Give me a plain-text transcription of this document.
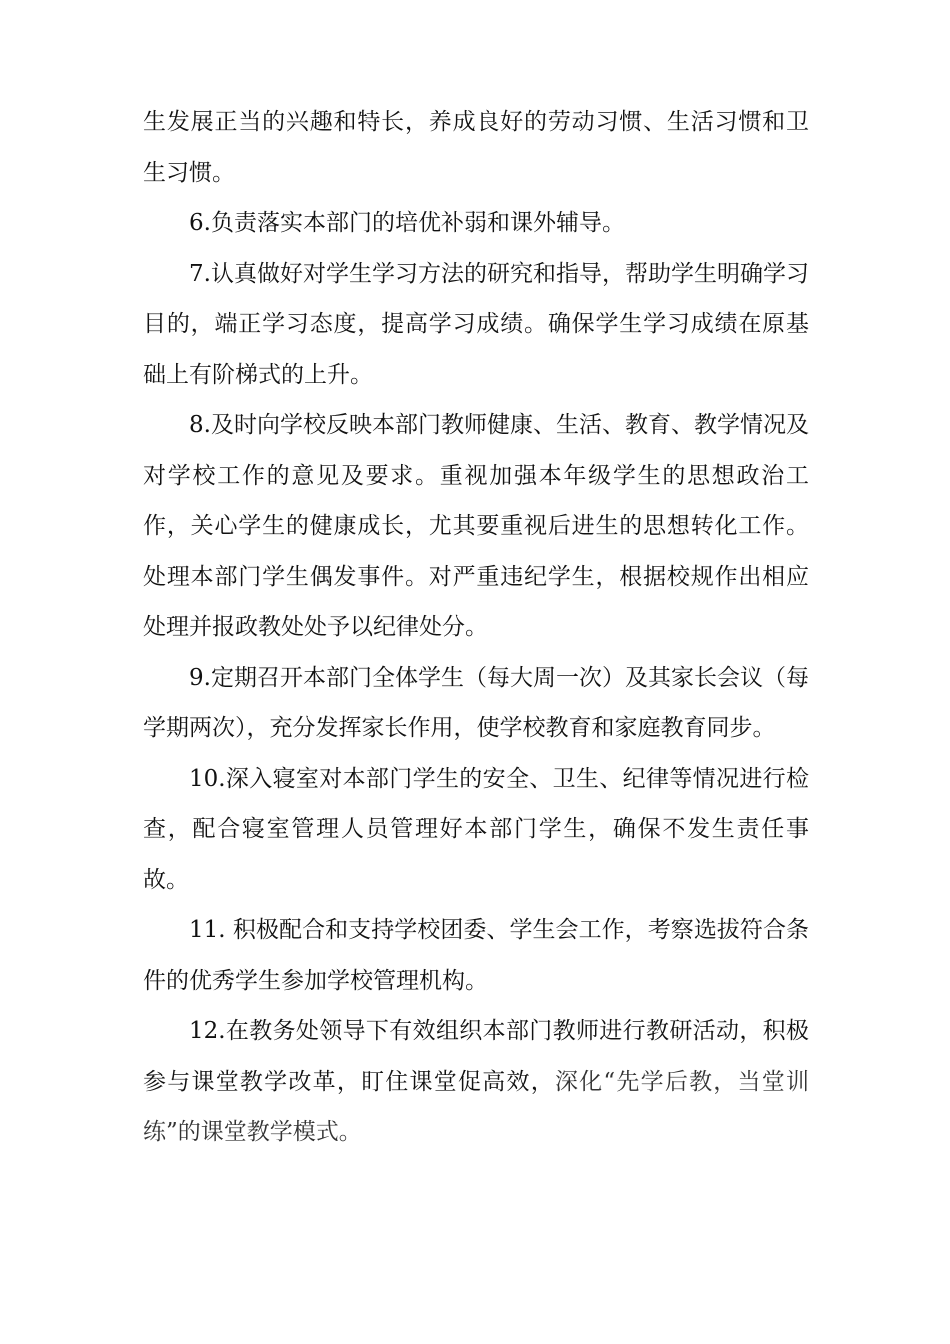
生发展正当的兴趣和特长，养成良好的劳动习惯、生活习惯和卫生习惯。

6.负责落实本部门的培优补弱和课外辅导。

7.认真做好对学生学习方法的研究和指导，帮助学生明确学习目的，端正学习态度，提高学习成绩。确保学生学习成绩在原基础上有阶梯式的上升。

8.及时向学校反映本部门教师健康、生活、教育、教学情况及对学校工作的意见及要求。重视加强本年级学生的思想政治工作，关心学生的健康成长，尤其要重视后进生的思想转化工作。处理本部门学生偶发事件。对严重违纪学生，根据校规作出相应处理并报政教处处予以纪律处分。

9.定期召开本部门全体学生（每大周一次）及其家长会议（每学期两次），充分发挥家长作用，使学校教育和家庭教育同步。

10.深入寝室对本部门学生的安全、卫生、纪律等情况进行检查，配合寝室管理人员管理好本部门学生，确保不发生责任事故。

11. 积极配合和支持学校团委、学生会工作，考察选拔符合条件的优秀学生参加学校管理机构。

12.在教务处领导下有效组织本部门教师进行教研活动，积极参与课堂教学改革，盯住课堂促高效，深化“先学后教，当堂训练”的课堂教学模式。
